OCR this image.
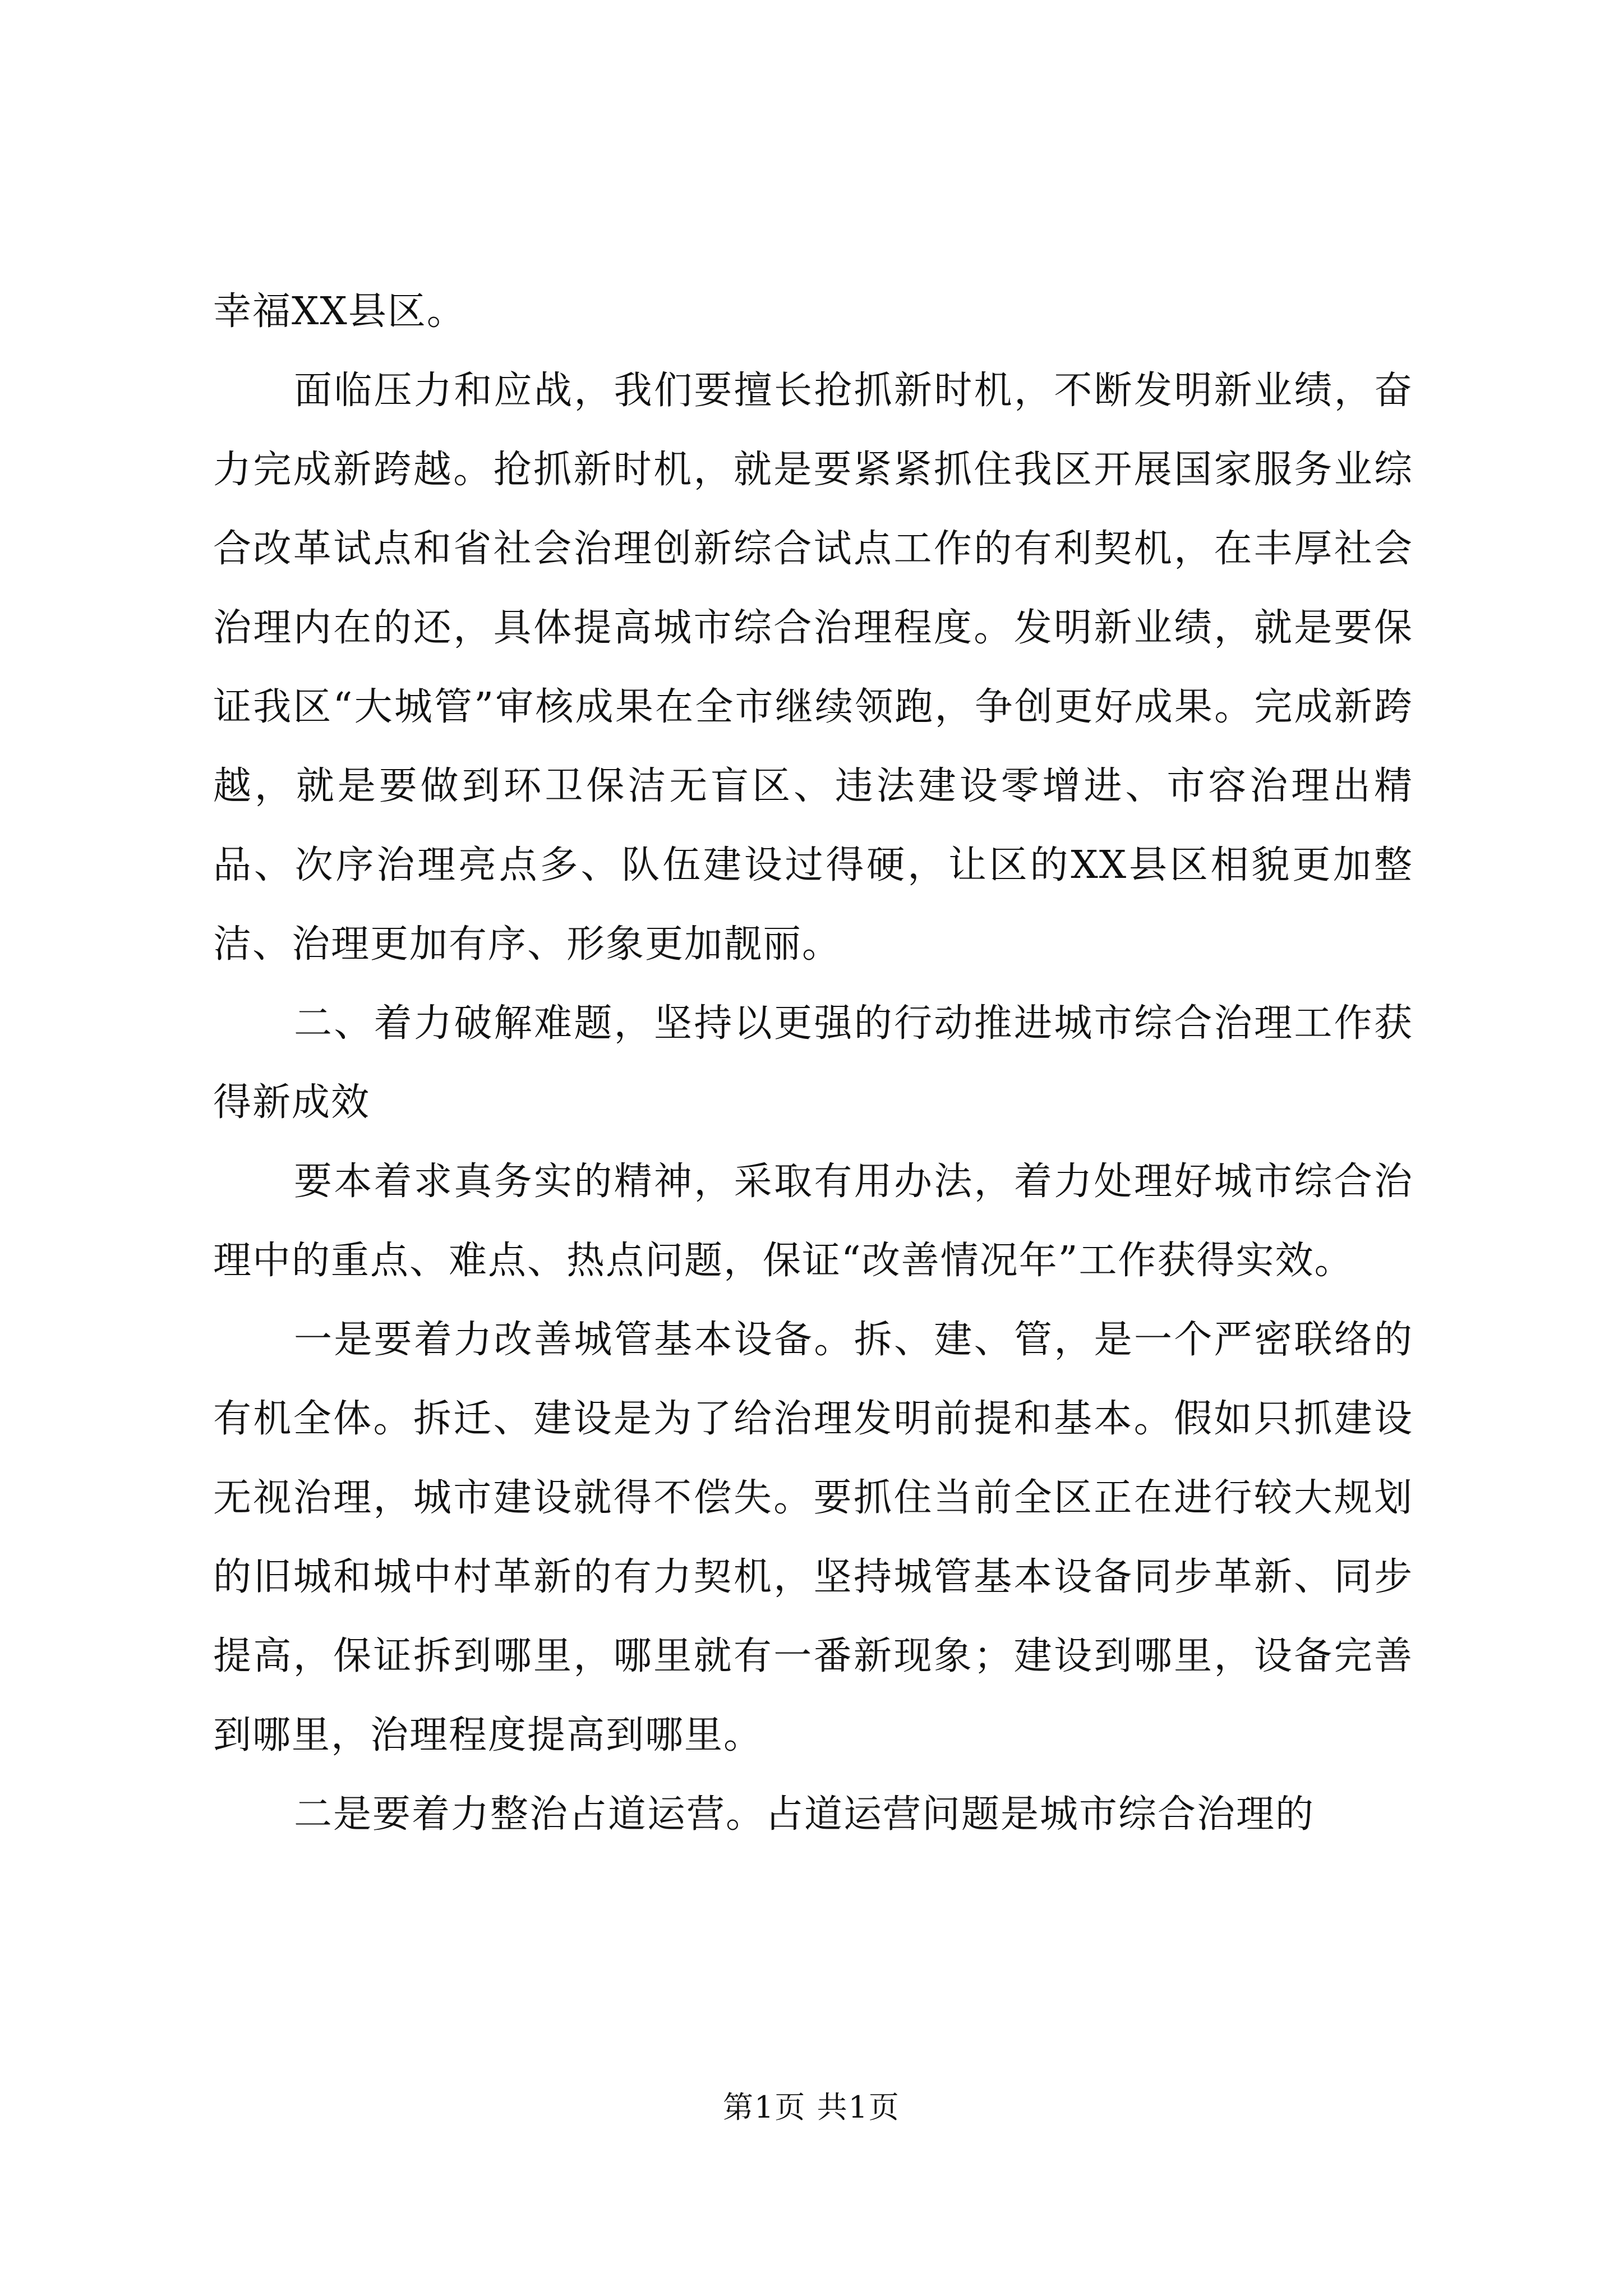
幸福XX县区。

面临压力和应战，我们要擅长抢抓新时机，不断发明新业绩，奋力完成新跨越。抢抓新时机，就是要紧紧抓住我区开展国家服务业综合改革试点和省社会治理创新综合试点工作的有利契机，在丰厚社会治理内在的还，具体提高城市综合治理程度。发明新业绩，就是要保证我区“大城管”审核成果在全市继续领跑，争创更好成果。完成新跨越，就是要做到环卫保洁无盲区、违法建设零增进、市容治理出精品、次序治理亮点多、队伍建设过得硬，让区的XX县区相貌更加整洁、治理更加有序、形象更加靓丽。

二、着力破解难题，坚持以更强的行动推进城市综合治理工作获得新成效

要本着求真务实的精神，采取有用办法，着力处理好城市综合治理中的重点、难点、热点问题，保证“改善情况年”工作获得实效。

一是要着力改善城管基本设备。拆、建、管，是一个严密联络的有机全体。拆迁、建设是为了给治理发明前提和基本。假如只抓建设无视治理，城市建设就得不偿失。要抓住当前全区正在进行较大规划的旧城和城中村革新的有力契机，坚持城管基本设备同步革新、同步提高，保证拆到哪里，哪里就有一番新现象；建设到哪里，设备完善到哪里，治理程度提高到哪里。

二是要着力整治占道运营。占道运营问题是城市综合治理的

第1页 共1页
